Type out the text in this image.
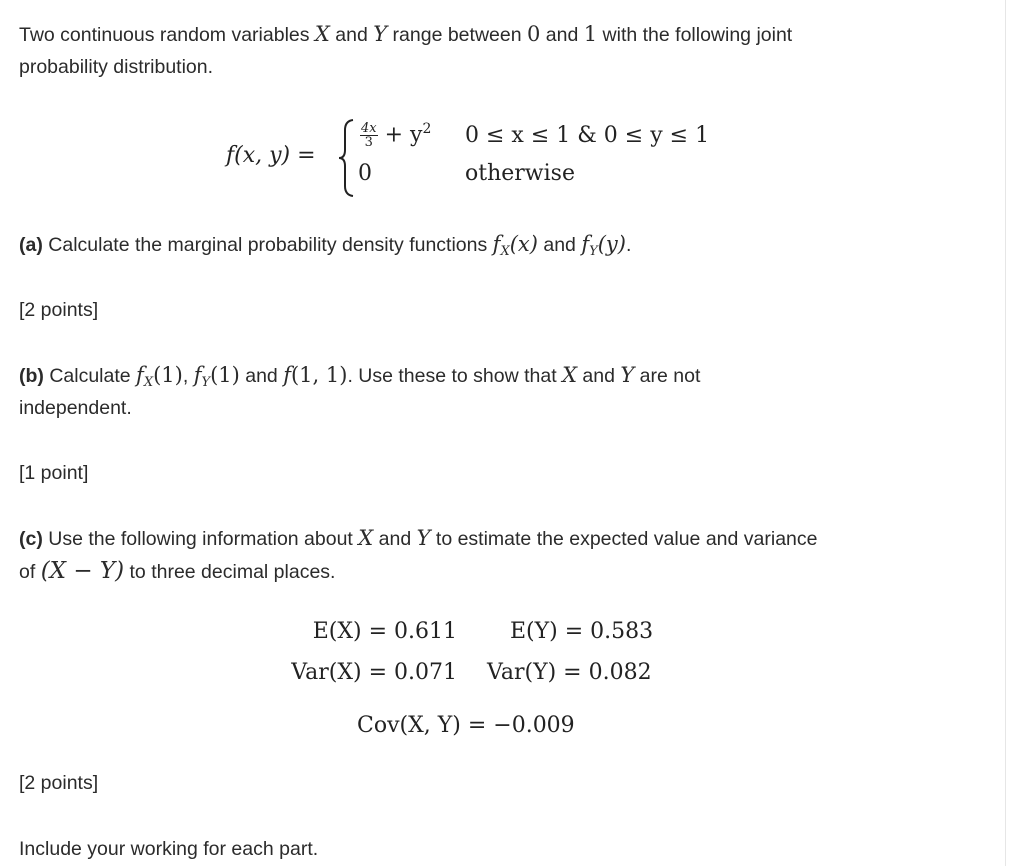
Two continuous random variables X and Y range between 0 and 1 with the following joint

probability distribution.

f(x, y) =
$\frac{4x}{3} + y^2$ 0 ≤ x ≤ 1 & 0 ≤ y ≤ 1
0	otherwise

(a) Calculate the marginal probability density functions $f_X(x)$ and $f_Y(y)$.

[2 points]

(b) Calculate $f_X(1)$, $f_Y(1)$ and f(1, 1). Use these to show that X and Y are not

independent.

[1 point]

(c) Use the following information about X and Y to estimate the expected value and variance

of (X − Y) to three decimal places.

E(X) = 0.611 E(Y) = 0.583
Var(X) = 0.071 Var(Y) = 0.082
Cov(X, Y) = −0.009

[2 points]

Include your working for each part.
